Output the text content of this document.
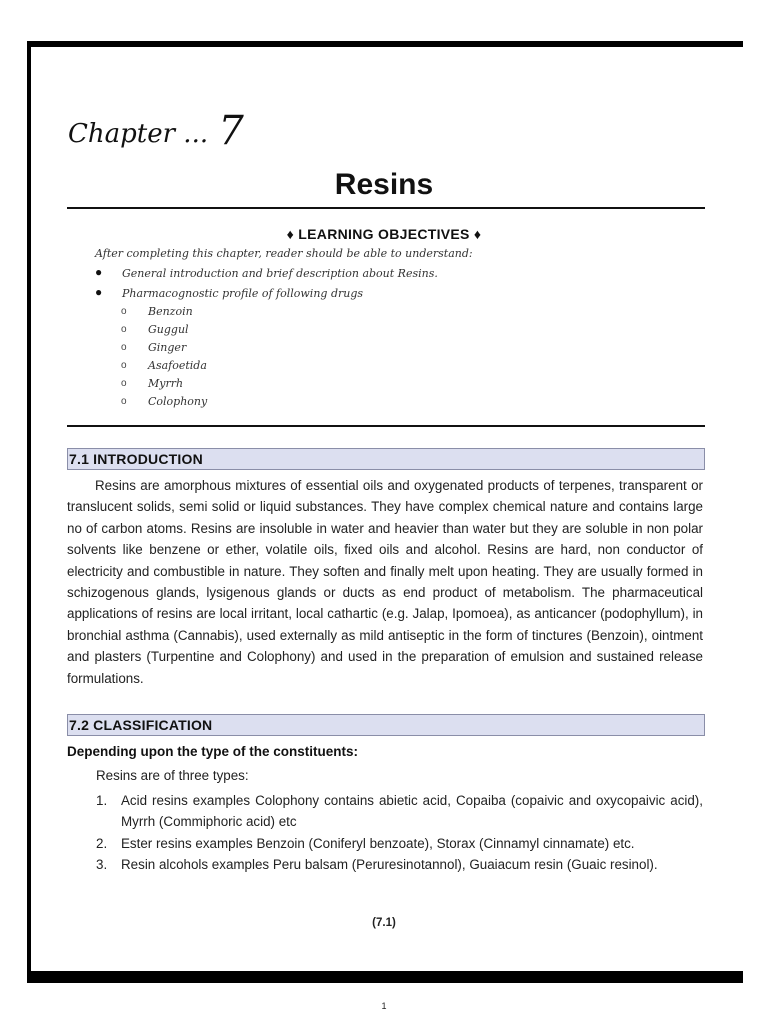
Chapter ... 7
Resins
♦ LEARNING OBJECTIVES ♦
After completing this chapter, reader should be able to understand:
● General introduction and brief description about Resins.
● Pharmacognostic profile of following drugs
o Benzoin
o Guggul
o Ginger
o Asafoetida
o Myrrh
o Colophony
7.1 INTRODUCTION

Resins are amorphous mixtures of essential oils and oxygenated products of terpenes, transparent or translucent solids, semi solid or liquid substances. They have complex chemical nature and contains large no of carbon atoms. Resins are insoluble in water and heavier than water but they are soluble in non polar solvents like benzene or ether, volatile oils, fixed oils and alcohol. Resins are hard, non conductor of electricity and combustible in nature. They soften and finally melt upon heating. They are usually formed in schizogenous glands, lysigenous glands or ducts as end product of metabolism. The pharmaceutical applications of resins are local irritant, local cathartic (e.g. Jalap, Ipomoea), as anticancer (podophyllum), in bronchial asthma (Cannabis), used externally as mild antiseptic in the form of tinctures (Benzoin), ointment and plasters (Turpentine and Colophony) and used in the preparation of emulsion and sustained release formulations.

7.2 CLASSIFICATION
Depending upon the type of the constituents:
Resins are of three types:
1. Acid resins examples Colophony contains abietic acid, Copaiba (copaivic and oxycopaivic acid), Myrrh (Commiphoric acid) etc

2. Ester resins examples Benzoin (Coniferyl benzoate), Storax (Cinnamyl cinnamate) etc.

3. Resin alcohols examples Peru balsam (Peruresinotannol), Guaiacum resin (Guaic resinol).

(7.1)
1
